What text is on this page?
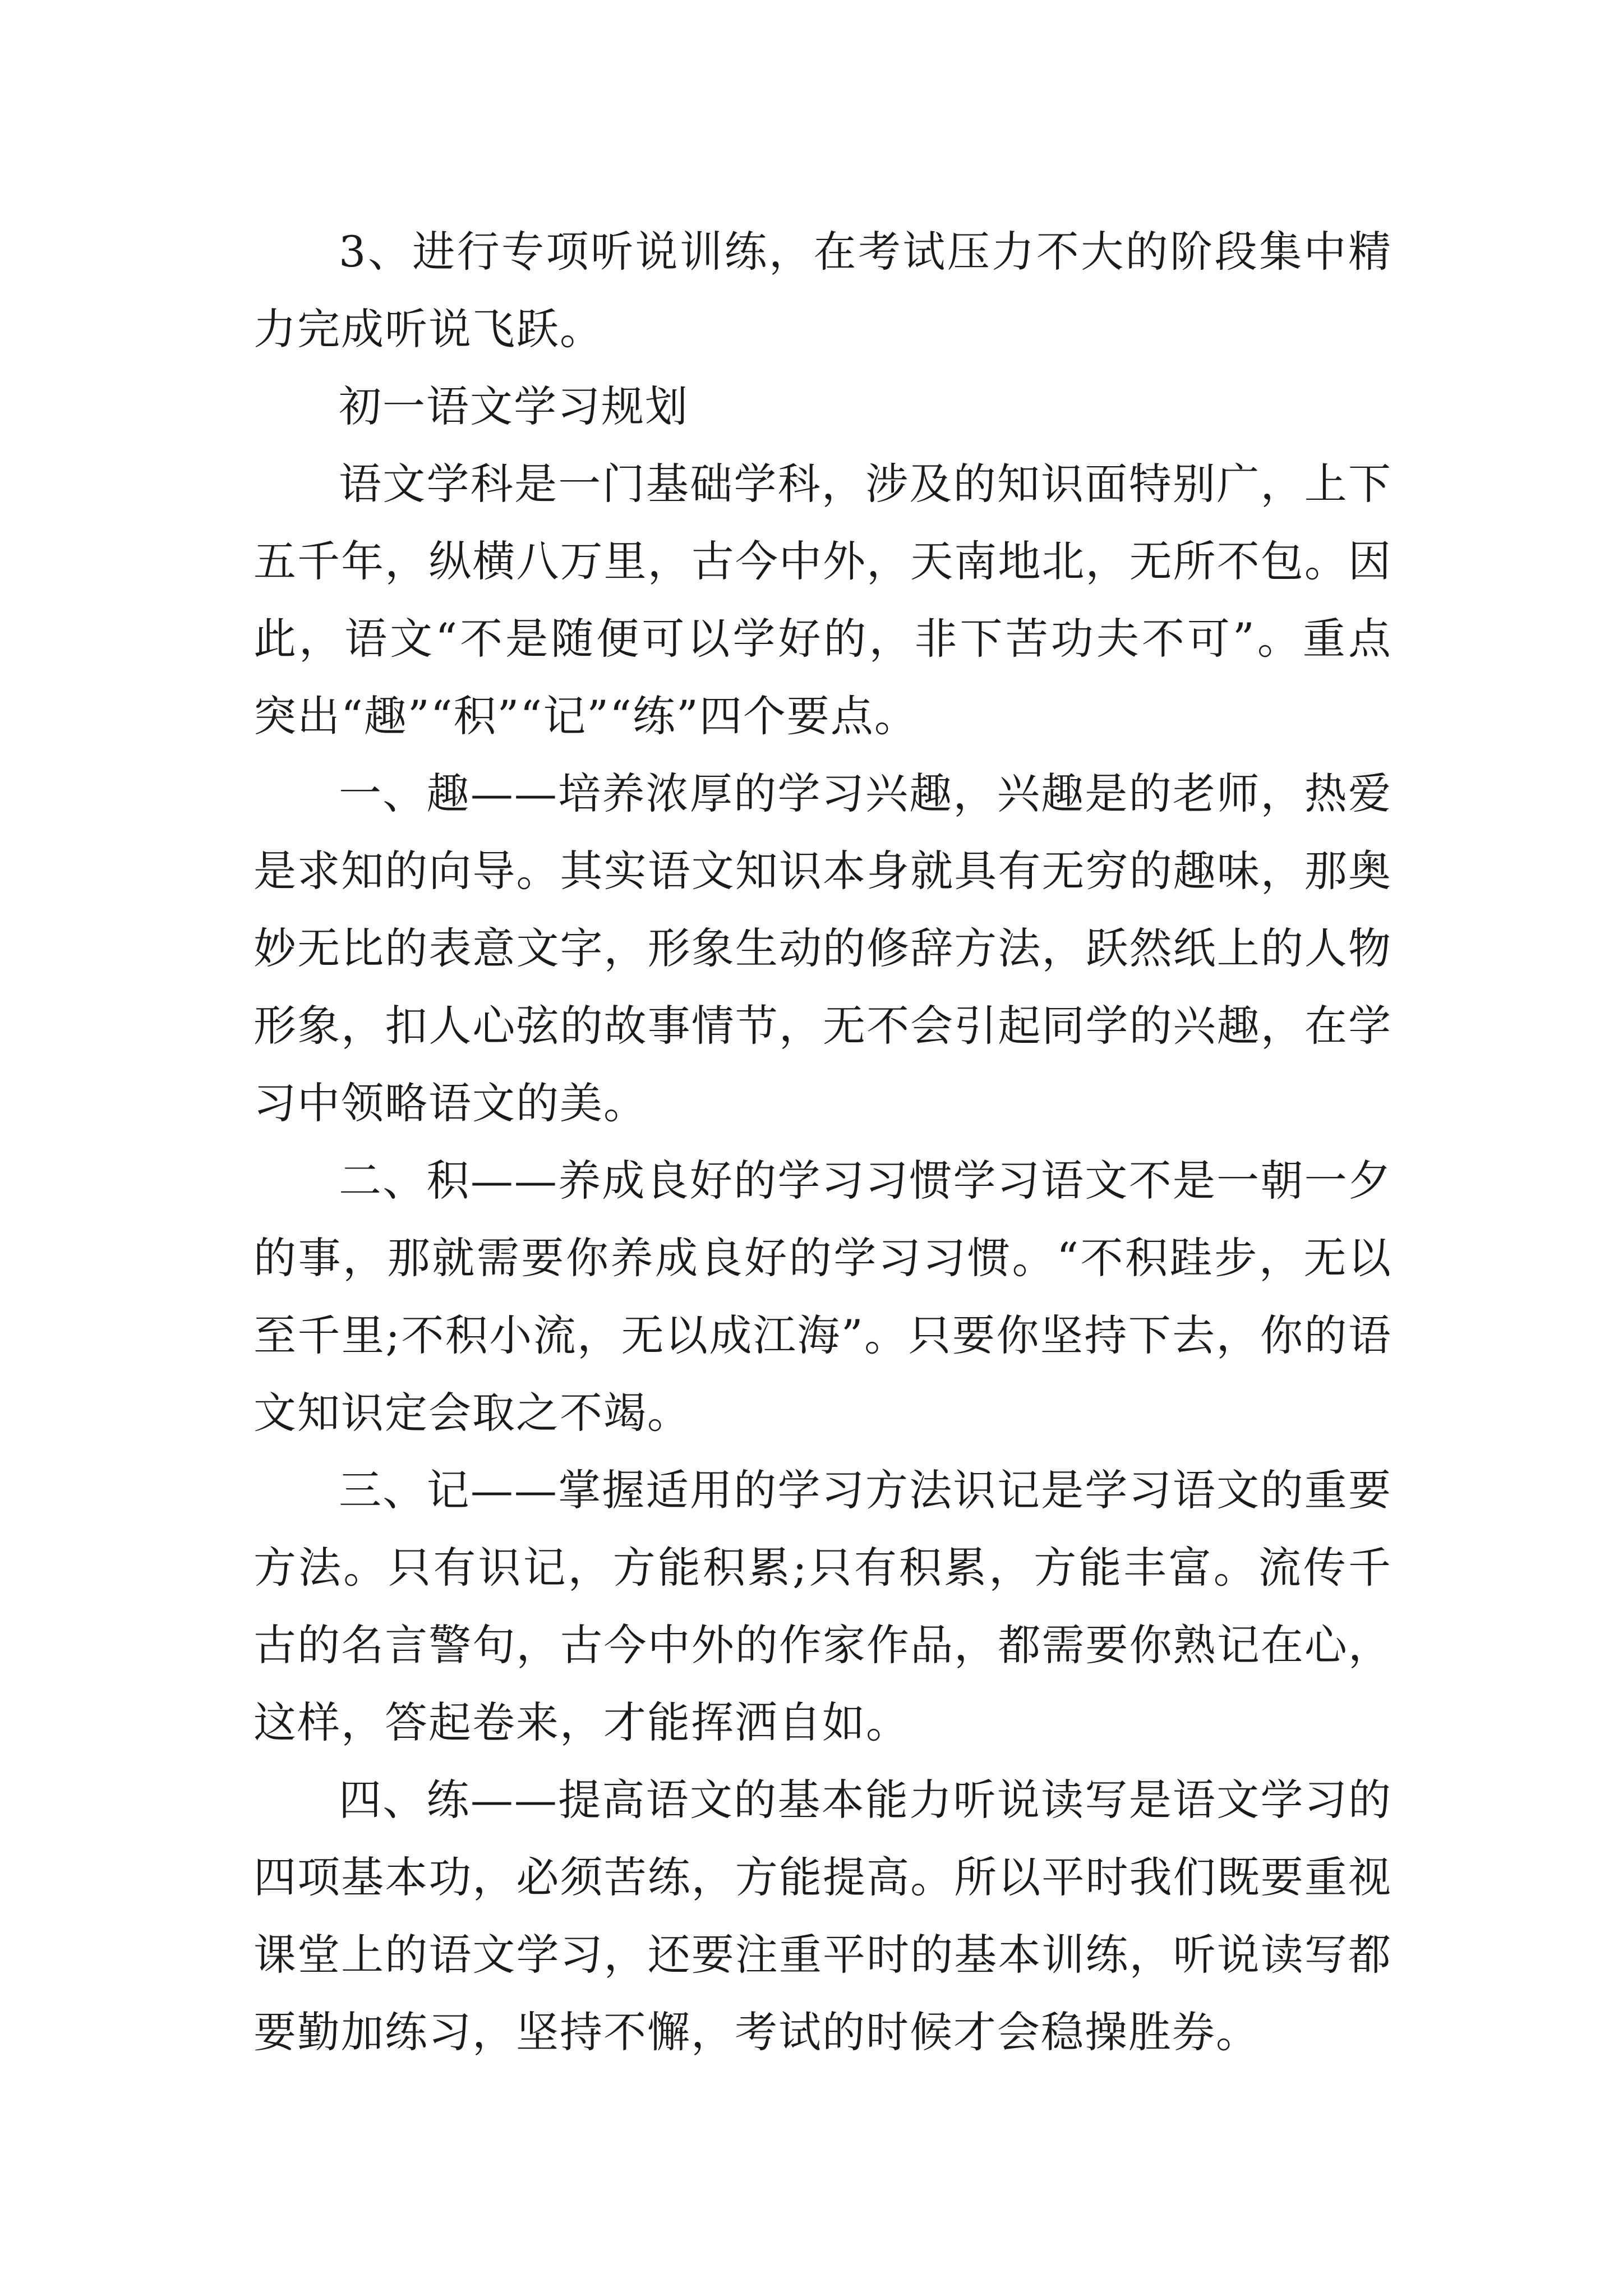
3、进行专项听说训练，在考试压力不大的阶段集中精力完成听说飞跃。

初一语文学习规划

语文学科是一门基础学科，涉及的知识面特别广，上下五千年，纵横八万里，古今中外，天南地北，无所不包。因此，语文“不是随便可以学好的，非下苦功夫不可”。重点突出“趣”“积”“记”“练”四个要点。

一、趣——培养浓厚的学习兴趣，兴趣是的老师，热爱是求知的向导。其实语文知识本身就具有无穷的趣味，那奥妙无比的表意文字，形象生动的修辞方法，跃然纸上的人物形象，扣人心弦的故事情节，无不会引起同学的兴趣，在学习中领略语文的美。

二、积——养成良好的学习习惯学习语文不是一朝一夕的事，那就需要你养成良好的学习习惯。“不积跬步，无以至千里;不积小流，无以成江海”。只要你坚持下去，你的语文知识定会取之不竭。

三、记——掌握适用的学习方法识记是学习语文的重要方法。只有识记，方能积累;只有积累，方能丰富。流传千古的名言警句，古今中外的作家作品，都需要你熟记在心，这样，答起卷来，才能挥洒自如。

四、练——提高语文的基本能力听说读写是语文学习的四项基本功，必须苦练，方能提高。所以平时我们既要重视课堂上的语文学习，还要注重平时的基本训练，听说读写都要勤加练习，坚持不懈，考试的时候才会稳操胜券。
